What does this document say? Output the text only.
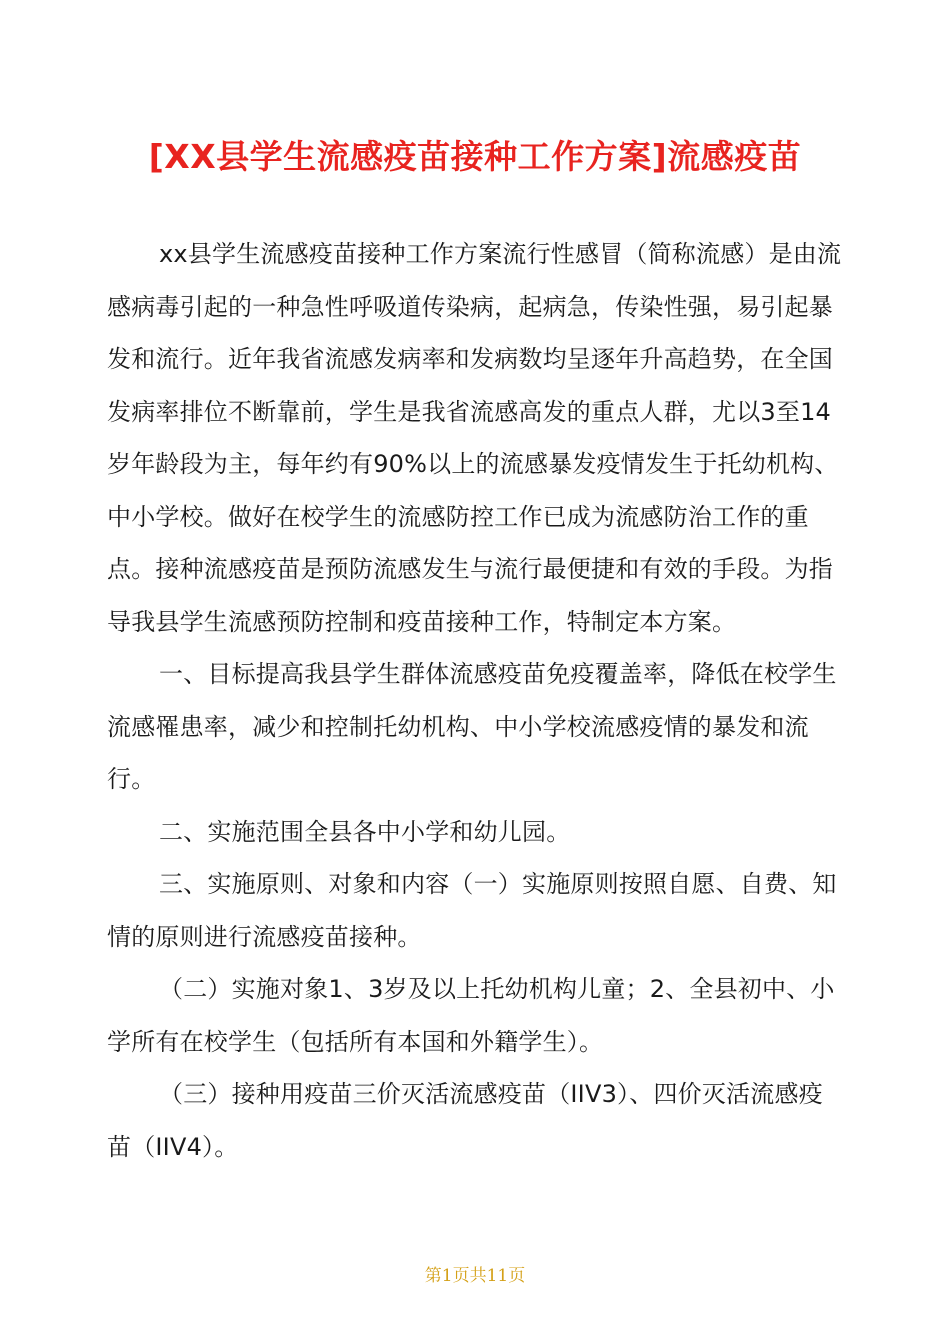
[XX县学生流感疫苗接种工作方案]流感疫苗

xx县学生流感疫苗接种工作方案流行性感冒（简称流感）是由流感病毒引起的一种急性呼吸道传染病，起病急，传染性强，易引起暴发和流行。近年我省流感发病率和发病数均呈逐年升高趋势，在全国发病率排位不断靠前，学生是我省流感高发的重点人群，尤以3至14岁年龄段为主，每年约有90%以上的流感暴发疫情发生于托幼机构、中小学校。做好在校学生的流感防控工作已成为流感防治工作的重点。接种流感疫苗是预防流感发生与流行最便捷和有效的手段。为指导我县学生流感预防控制和疫苗接种工作，特制定本方案。

一、目标提高我县学生群体流感疫苗免疫覆盖率，降低在校学生流感罹患率，减少和控制托幼机构、中小学校流感疫情的暴发和流行。

二、实施范围全县各中小学和幼儿园。

三、实施原则、对象和内容（一）实施原则按照自愿、自费、知情的原则进行流感疫苗接种。

（二）实施对象1、3岁及以上托幼机构儿童；2、全县初中、小学所有在校学生（包括所有本国和外籍学生）。

（三）接种用疫苗三价灭活流感疫苗（IIV3）、四价灭活流感疫苗（IIV4）。

第1页共11页
